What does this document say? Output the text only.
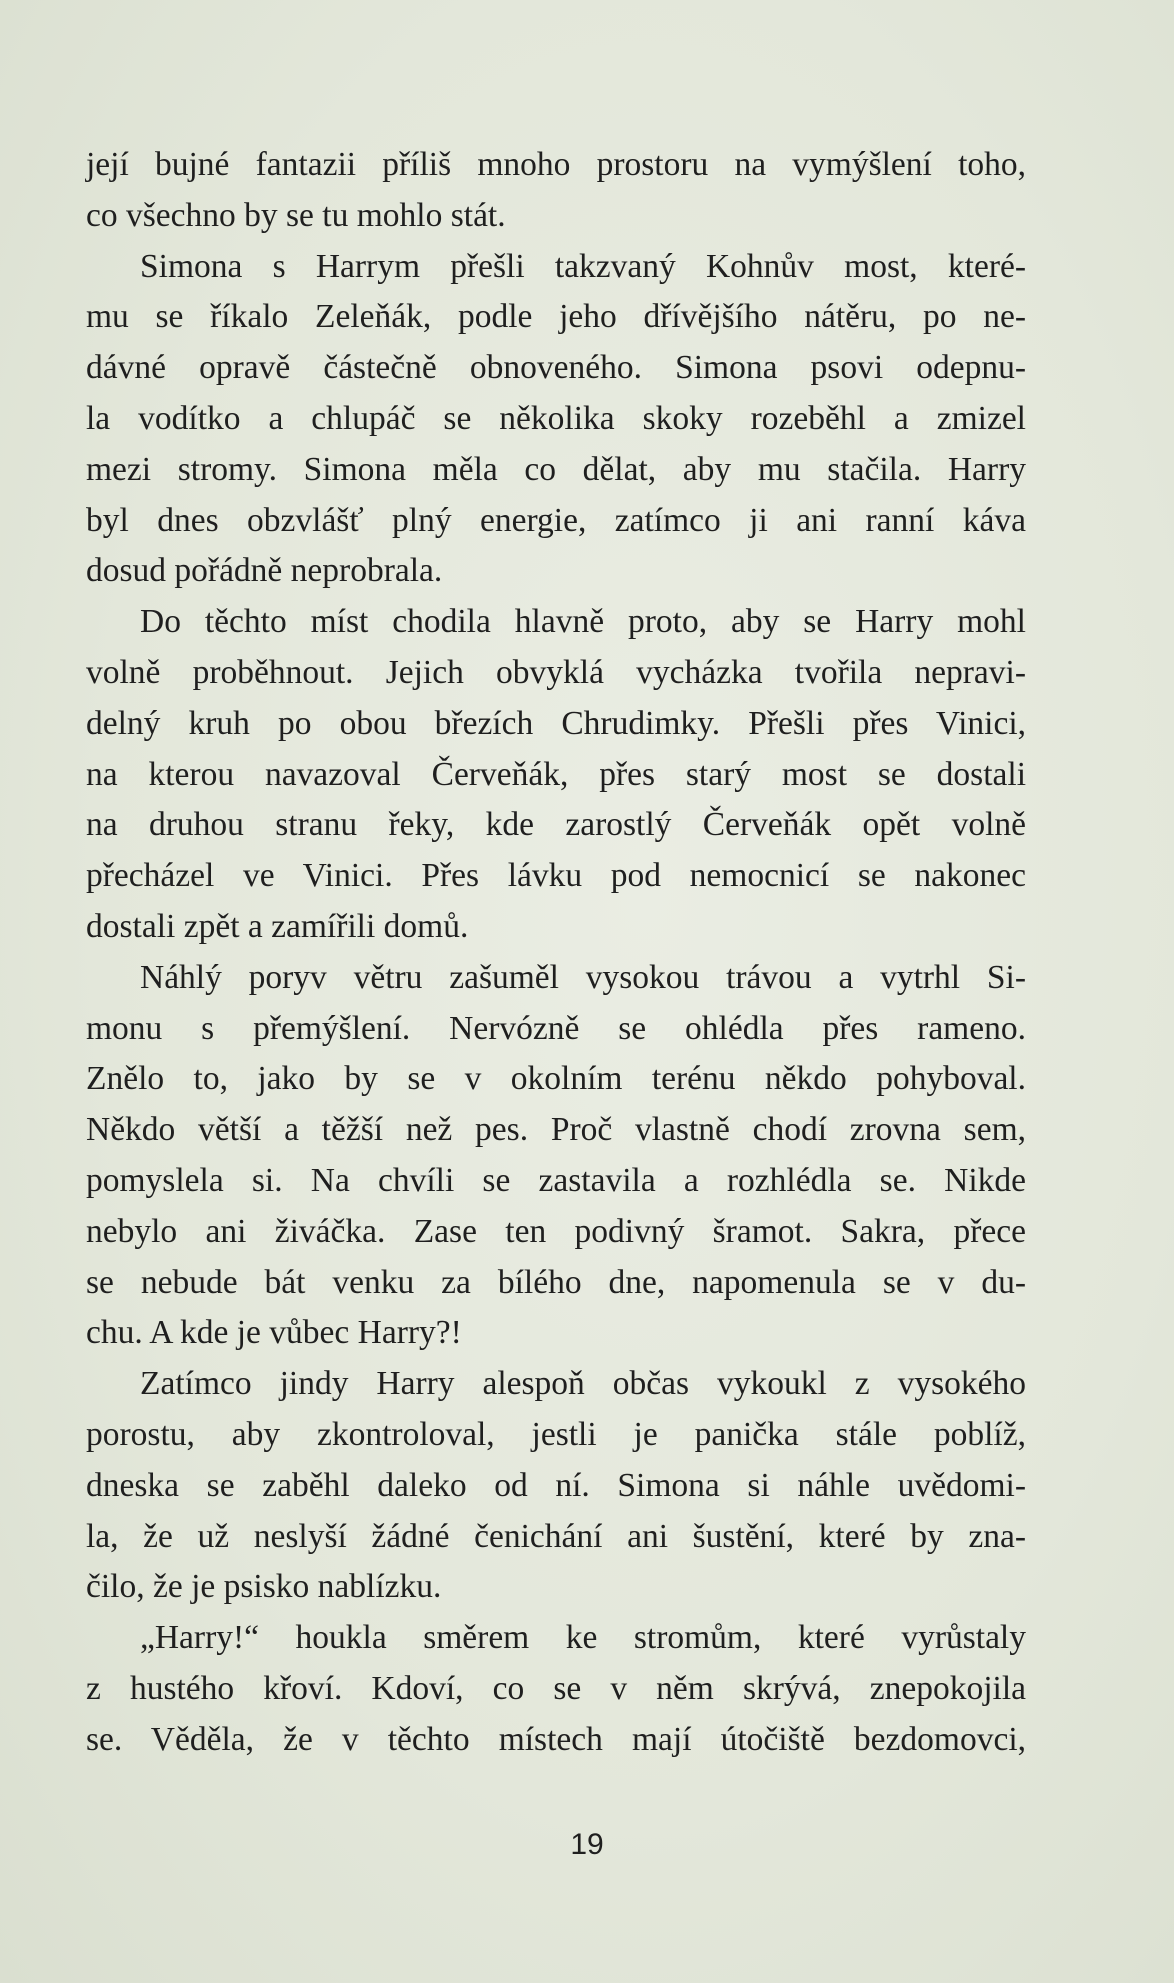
její bujné fantazii příliš mnoho prostoru na vymýšlení toho,
co všechno by se tu mohlo stát.
Simona s Harrym přešli takzvaný Kohnův most, které-
mu se říkalo Zeleňák, podle jeho dřívějšího nátěru, po ne-
dávné opravě částečně obnoveného. Simona psovi odepnu-
la vodítko a chlupáč se několika skoky rozeběhl a zmizel
mezi stromy. Simona měla co dělat, aby mu stačila. Harry
byl dnes obzvlášť plný energie, zatímco ji ani ranní káva
dosud pořádně neprobrala.
Do těchto míst chodila hlavně proto, aby se Harry mohl
volně proběhnout. Jejich obvyklá vycházka tvořila nepravi-
delný kruh po obou březích Chrudimky. Přešli přes Vinici,
na kterou navazoval Červeňák, přes starý most se dostali
na druhou stranu řeky, kde zarostlý Červeňák opět volně
přecházel ve Vinici. Přes lávku pod nemocnicí se nakonec
dostali zpět a zamířili domů.
Náhlý poryv větru zašuměl vysokou trávou a vytrhl Si-
monu s přemýšlení. Nervózně se ohlédla přes rameno.
Znělo to, jako by se v okolním terénu někdo pohyboval.
Někdo větší a těžší než pes. Proč vlastně chodí zrovna sem,
pomyslela si. Na chvíli se zastavila a rozhlédla se. Nikde
nebylo ani živáčka. Zase ten podivný šramot. Sakra, přece
se nebude bát venku za bílého dne, napomenula se v du-
chu. A kde je vůbec Harry?!
Zatímco jindy Harry alespoň občas vykoukl z vysokého
porostu, aby zkontroloval, jestli je panička stále poblíž,
dneska se zaběhl daleko od ní. Simona si náhle uvědomi-
la, že už neslyší žádné čenichání ani šustění, které by zna-
čilo, že je psisko nablízku.
„Harry!“ houkla směrem ke stromům, které vyrůstaly
z hustého křoví. Kdoví, co se v něm skrývá, znepokojila
se. Věděla, že v těchto místech mají útočiště bezdomovci,
19
